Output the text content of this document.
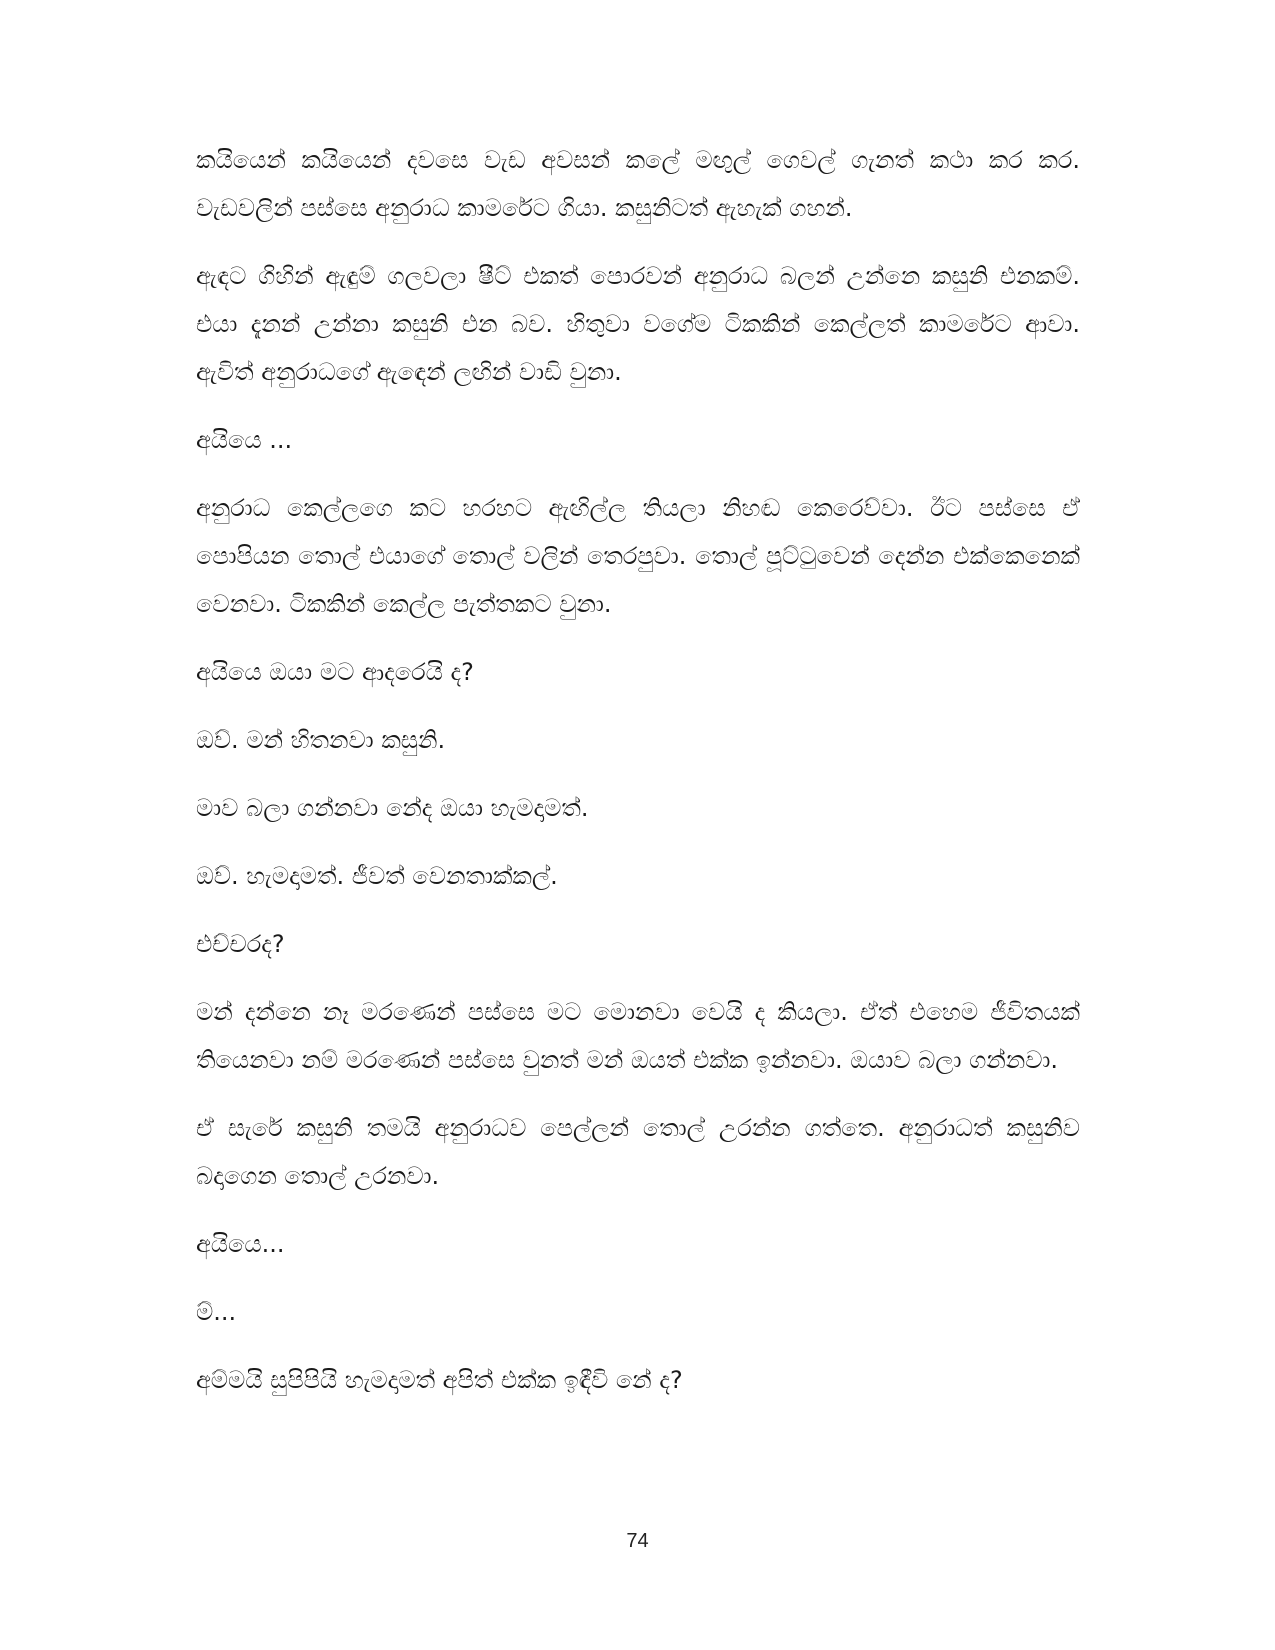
කයියෙන් කයියෙන් දවසෙ වැඩ අවසන් කලේ මඟුල් ගෙවල් ගැනත් කථා කර කර. වැඩවලින් පස්සෙ අනුරාධ කාමරේට ගියා. කසුනිටත් ඇහැක් ගහන්.

ඇඳට ගිහින් ඇඳුම් ගලවලා ෂීට් එකත් පොරවන් අනුරාධ බලන් උන්නෙ කසුනි එනකම්. එයා දැනන් උන්නා කසුනි එන බව. හිතුවා වගේම ටිකකින් කෙල්ලත් කාමරේට ආවා. ඇවිත් අනුරාධගේ ඇඳෙන් ලඟින් වාඩි වුනා.

අයියෙ ...

අනුරාධ කෙල්ලගෙ කට හරහට ඇඟිල්ල තියලා නිහඬ කෙරෙව්වා. ඊට පස්සෙ ඒ පොපියන තොල් එයාගේ තොල් වලින් තෙරපුවා. තොල් පූට්ටුවෙන් දෙන්න එක්කෙනෙක් වෙනවා. ටිකකින් කෙල්ල පැත්තකට වුනා.

අයියෙ ඔයා මට ආදරෙයි ද?

ඔව්. මන් හිතනවා කසුනි.

මාව බලා ගන්නවා නේද ඔයා හැමදාමත්.

ඔව්. හැමදාමත්. ජීවත් වෙනතාක්කල්.

එච්චරද?

මන් දන්නෙ නෑ මරණෙන් පස්සෙ මට මොනවා වෙයි ද කියලා. ඒත් එහෙම ජීවිතයක් තියෙනවා නම් මරණෙන් පස්සෙ වුනත් මන් ඔයත් එක්ක ඉන්නවා. ඔයාව බලා ගන්නවා.

ඒ සැරේ කසුනි තමයි අනුරාධව පෙල්ලන් තොල් උරන්න ගත්තෙ. අනුරාධත් කසුනිව බදාගෙන තොල් උරනවා.

අයියෙ...

ම්...

අම්මයි සුපිපියි හැමදාමත් අපිත් එක්ක ඉඳීවි නේ ද?

74
